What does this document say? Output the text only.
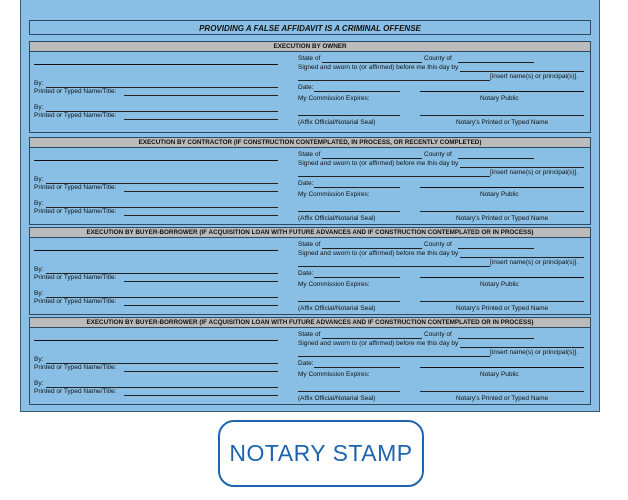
PROVIDING A FALSE AFFIDAVIT IS A CRIMINAL OFFENSE
EXECUTION BY OWNER
By:
Printed or Typed Name/Title:
By:
Printed or Typed Name/Title:
State of	County of
Signed and sworn to (or affirmed) before me this day by
[insert name(s) or principal(s)].
Date:
My Commission Expires:	Notary Public
(Affix Official/Notarial Seal)	Notary's Printed or Typed Name
EXECUTION BY CONTRACTOR (IF CONSTRUCTION CONTEMPLATED, IN PROCESS, OR RECENTLY COMPLETED)
By:
Printed or Typed Name/Title:
By:
Printed or Typed Name/Title:
State of	County of
Signed and sworn to (or affirmed) before me this day by
[insert name(s) or principal(s)].
Date:
My Commission Expires:	Notary Public
(Affix Official/Notarial Seal)	Notary's Printed or Typed Name
EXECUTION BY BUYER-BORROWER (IF ACQUISITION LOAN WITH FUTURE ADVANCES AND IF CONSTRUCTION CONTEMPLATED OR IN PROCESS)
By:
Printed or Typed Name/Title:
By:
Printed or Typed Name/Title:
State of	County of
Signed and sworn to (or affirmed) before me this day by
[insert name(s) or principal(s)].
Date:
My Commission Expires:	Notary Public
(Affix Official/Notarial Seal)	Notary's Printed or Typed Name
EXECUTION BY BUYER-BORROWER (IF ACQUISITION LOAN WITH FUTURE ADVANCES AND IF CONSTRUCTION CONTEMPLATED OR IN PROCESS)
By:
Printed or Typed Name/Title:
By:
Printed or Typed Name/Title:
State of	County of
Signed and sworn to (or affirmed) before me this day by
[insert name(s) or principal(s)].
Date:
My Commission Expires:	Notary Public
(Affix Official/Notarial Seal)	Notary's Printed or Typed Name
NOTARY STAMP
